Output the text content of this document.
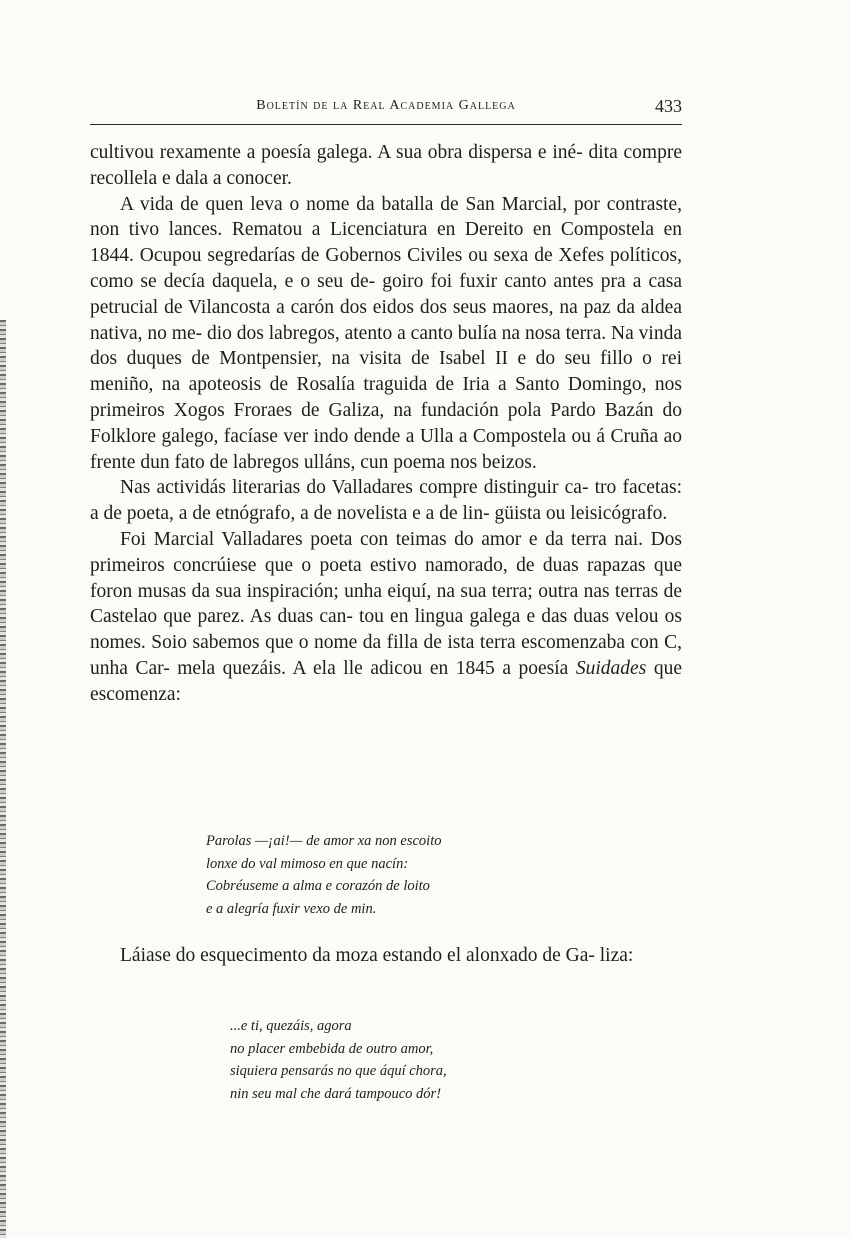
Boletín de la Real Academia Gallega	433

cultivou rexamente a poesía galega. A sua obra dispersa e iné- dita compre recollela e dala a conocer.

A vida de quen leva o nome da batalla de San Marcial, por contraste, non tivo lances. Rematou a Licenciatura en Dereito en Compostela en 1844. Ocupou segredarías de Gobernos Civiles ou sexa de Xefes políticos, como se decía daquela, e o seu de- goiro foi fuxir canto antes pra a casa petrucial de Vilancosta a carón dos eidos dos seus maores, na paz da aldea nativa, no me- dio dos labregos, atento a canto bulía na nosa terra. Na vinda dos duques de Montpensier, na visita de Isabel II e do seu fillo o rei meniño, na apoteosis de Rosalía traguida de Iria a Santo Domingo, nos primeiros Xogos Froraes de Galiza, na fundación pola Pardo Bazán do Folklore galego, facíase ver indo dende a Ulla a Compostela ou á Cruña ao frente dun fato de labregos ulláns, cun poema nos beizos.

Nas actividás literarias do Valladares compre distinguir ca- tro facetas: a de poeta, a de etnógrafo, a de novelista e a de lin- güista ou leisicógrafo.

Foi Marcial Valladares poeta con teimas do amor e da terra nai. Dos primeiros concrúiese que o poeta estivo namorado, de duas rapazas que foron musas da sua inspiración; unha eiquí, na sua terra; outra nas terras de Castelao que parez. As duas can- tou en lingua galega e das duas velou os nomes. Soio sabemos que o nome da filla de ista terra escomenzaba con C, unha Car- mela quezáis. A ela lle adicou en 1845 a poesía Suidades que escomenza:

Parolas —¡ai!— de amor xa non escoito
lonxe do val mimoso en que nacín:
Cobréuseme a alma e corazón de loito
e a alegría fuxir vexo de min.

Láiase do esquecimento da moza estando el alonxado de Ga- liza:

...e ti, quezáis, agora
no placer embebida de outro amor,
siquiera pensarás no que áquí chora,
nin seu mal che dará tampouco dór!
